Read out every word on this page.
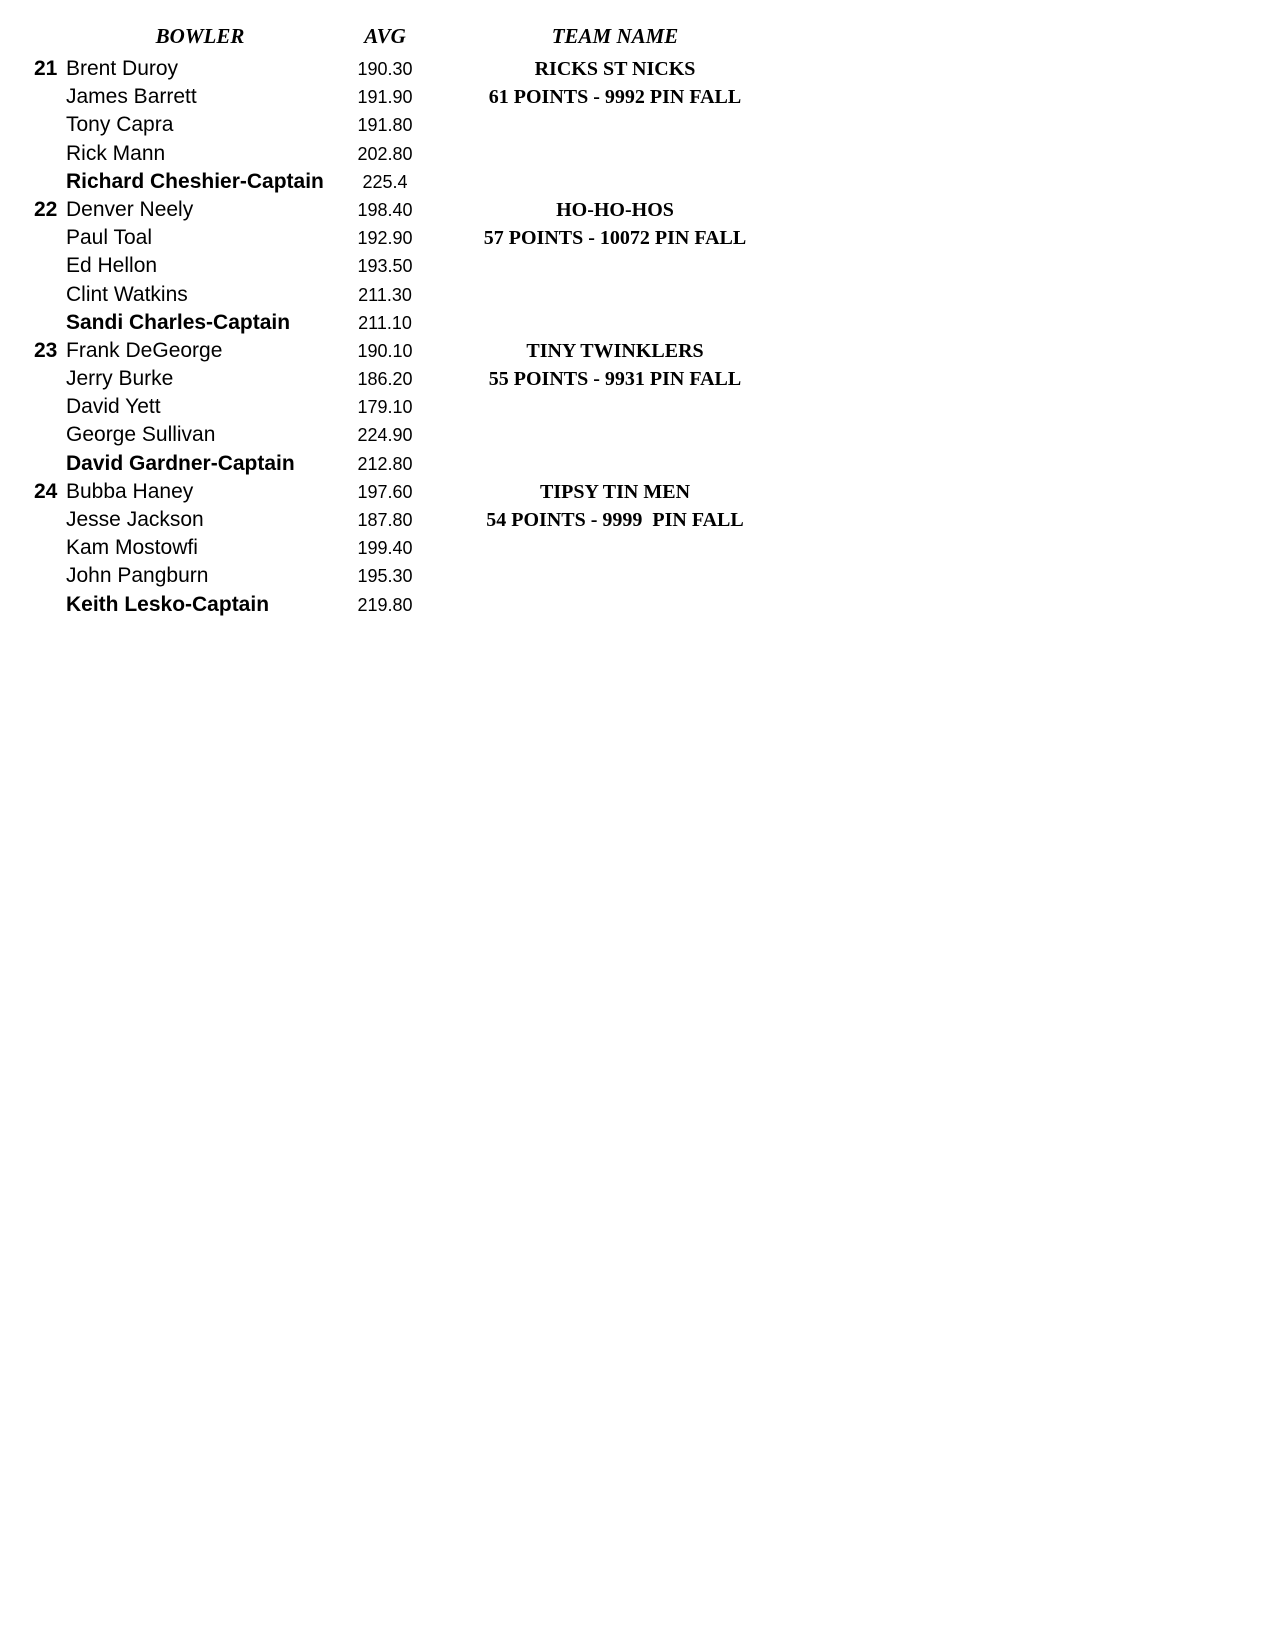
BOWLER	AVG	TEAM NAME
21 Brent Duroy	190.30	RICKS ST NICKS
James Barrett	191.90	61 POINTS - 9992 PIN FALL
Tony Capra	191.80
Rick Mann	202.80
Richard Cheshier-Captain	225.4
22 Denver Neely	198.40	HO-HO-HOS
Paul Toal	192.90	57 POINTS - 10072 PIN FALL
Ed Hellon	193.50
Clint Watkins	211.30
Sandi Charles-Captain	211.10
23 Frank DeGeorge	190.10	TINY TWINKLERS
Jerry Burke	186.20	55 POINTS - 9931 PIN FALL
David Yett	179.10
George Sullivan	224.90
David Gardner-Captain	212.80
24 Bubba Haney	197.60	TIPSY TIN MEN
Jesse Jackson	187.80	54 POINTS - 9999  PIN FALL
Kam Mostowfi	199.40
John Pangburn	195.30
Keith Lesko-Captain	219.80
